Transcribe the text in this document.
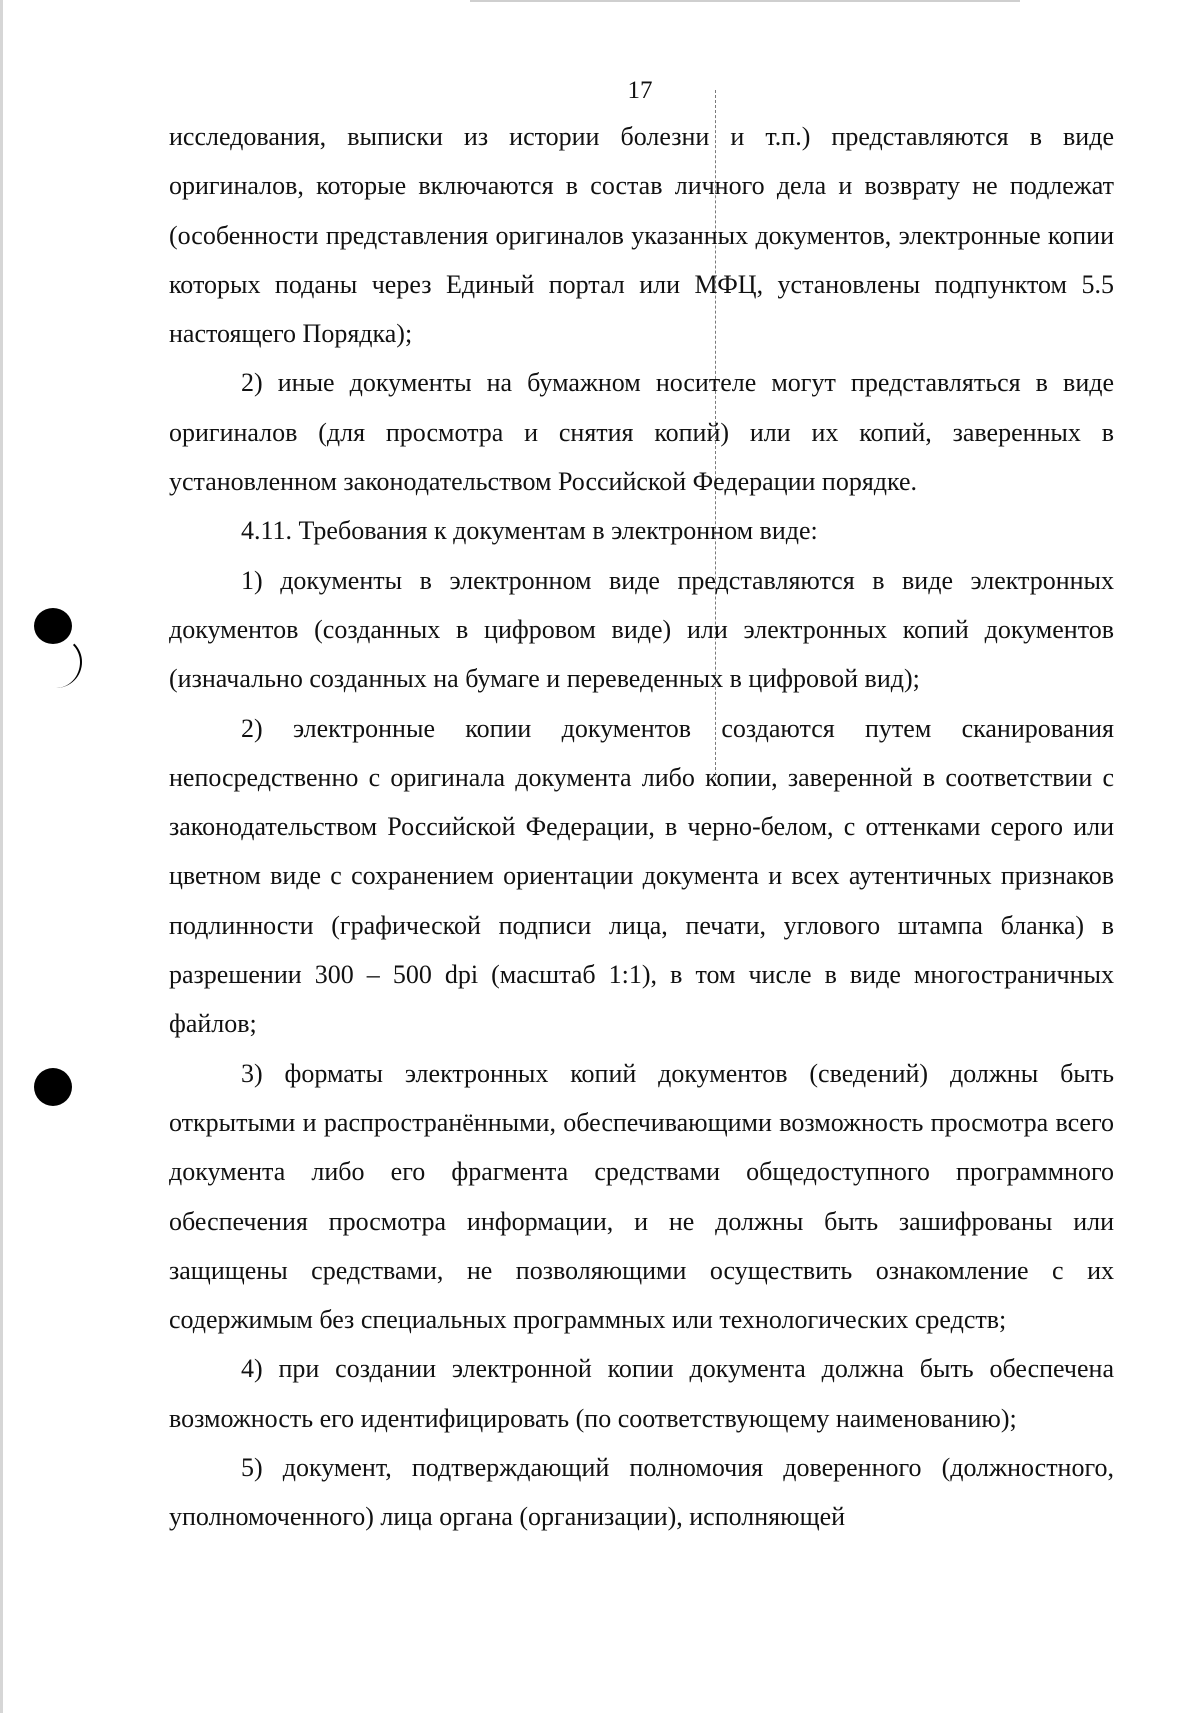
17

исследования, выписки из истории болезни и т.п.) представляются в виде оригиналов, которые включаются в состав личного дела и возврату не подлежат (особенности представления оригиналов указанных документов, электронные копии которых поданы через Единый портал или МФЦ, установлены подпунктом 5.5 настоящего Порядка);

2) иные документы на бумажном носителе могут представляться в виде оригиналов (для просмотра и снятия копий) или их копий, заверенных в установленном законодательством Российской Федерации порядке.

4.11. Требования к документам в электронном виде:

1) документы в электронном виде представляются в виде электронных документов (созданных в цифровом виде) или электронных копий документов (изначально созданных на бумаге и переведенных в цифровой вид);

2) электронные копии документов создаются путем сканирования непосредственно с оригинала документа либо копии, заверенной в соответствии с законодательством Российской Федерации, в черно-белом, с оттенками серого или цветном виде с сохранением ориентации документа и всех аутентичных признаков подлинности (графической подписи лица, печати, углового штампа бланка) в разрешении 300 – 500 dpi (масштаб 1:1), в том числе в виде многостраничных файлов;

3) форматы электронных копий документов (сведений) должны быть открытыми и распространёнными, обеспечивающими возможность просмотра всего документа либо его фрагмента средствами общедоступного программного обеспечения просмотра информации, и не должны быть зашифрованы или защищены средствами, не позволяющими осуществить ознакомление с их содержимым без специальных программных или технологических средств;

4) при создании электронной копии документа должна быть обеспечена возможность его идентифицировать (по соответствующему наименованию);

5) документ, подтверждающий полномочия доверенного (должностного, уполномоченного) лица органа (организации), исполняющей
